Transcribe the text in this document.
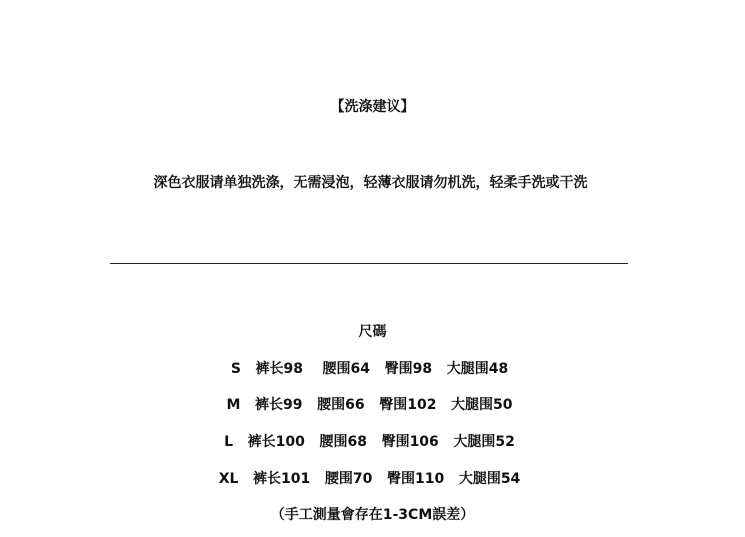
【洗涤建议】
深色衣服请单独洗涤，无需浸泡，轻薄衣服请勿机洗，轻柔手洗或干洗
尺碼
S   裤长98    腰围64   臀围98   大腿围48
M   裤长99   腰围66   臀围102   大腿围50
L   裤长100   腰围68   臀围106   大腿围52
XL   裤长101   腰围70   臀围110   大腿围54
（手工測量會存在1-3CM誤差）
